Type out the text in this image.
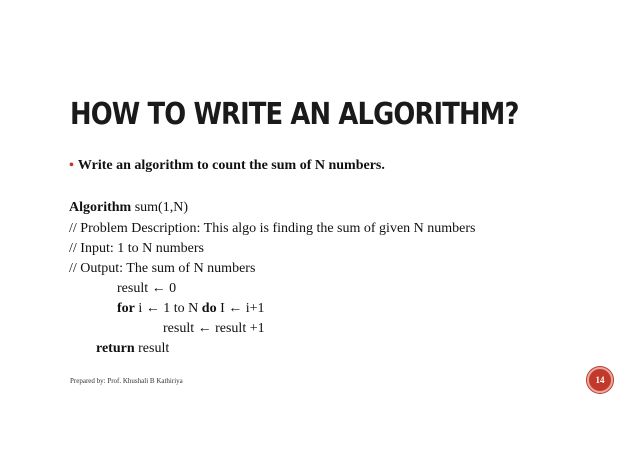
HOW TO WRITE AN ALGORITHM?
• Write an algorithm to count the sum of N numbers.
Algorithm sum(1,N)
// Problem Description: This algo is finding the sum of given N numbers
// Input: 1 to N numbers
// Output: The sum of N numbers
result ← 0
for i ← 1 to N do I ← i+1
result ← result +1
return result
Prepared by: Prof. Khushali B Kathiriya	14
